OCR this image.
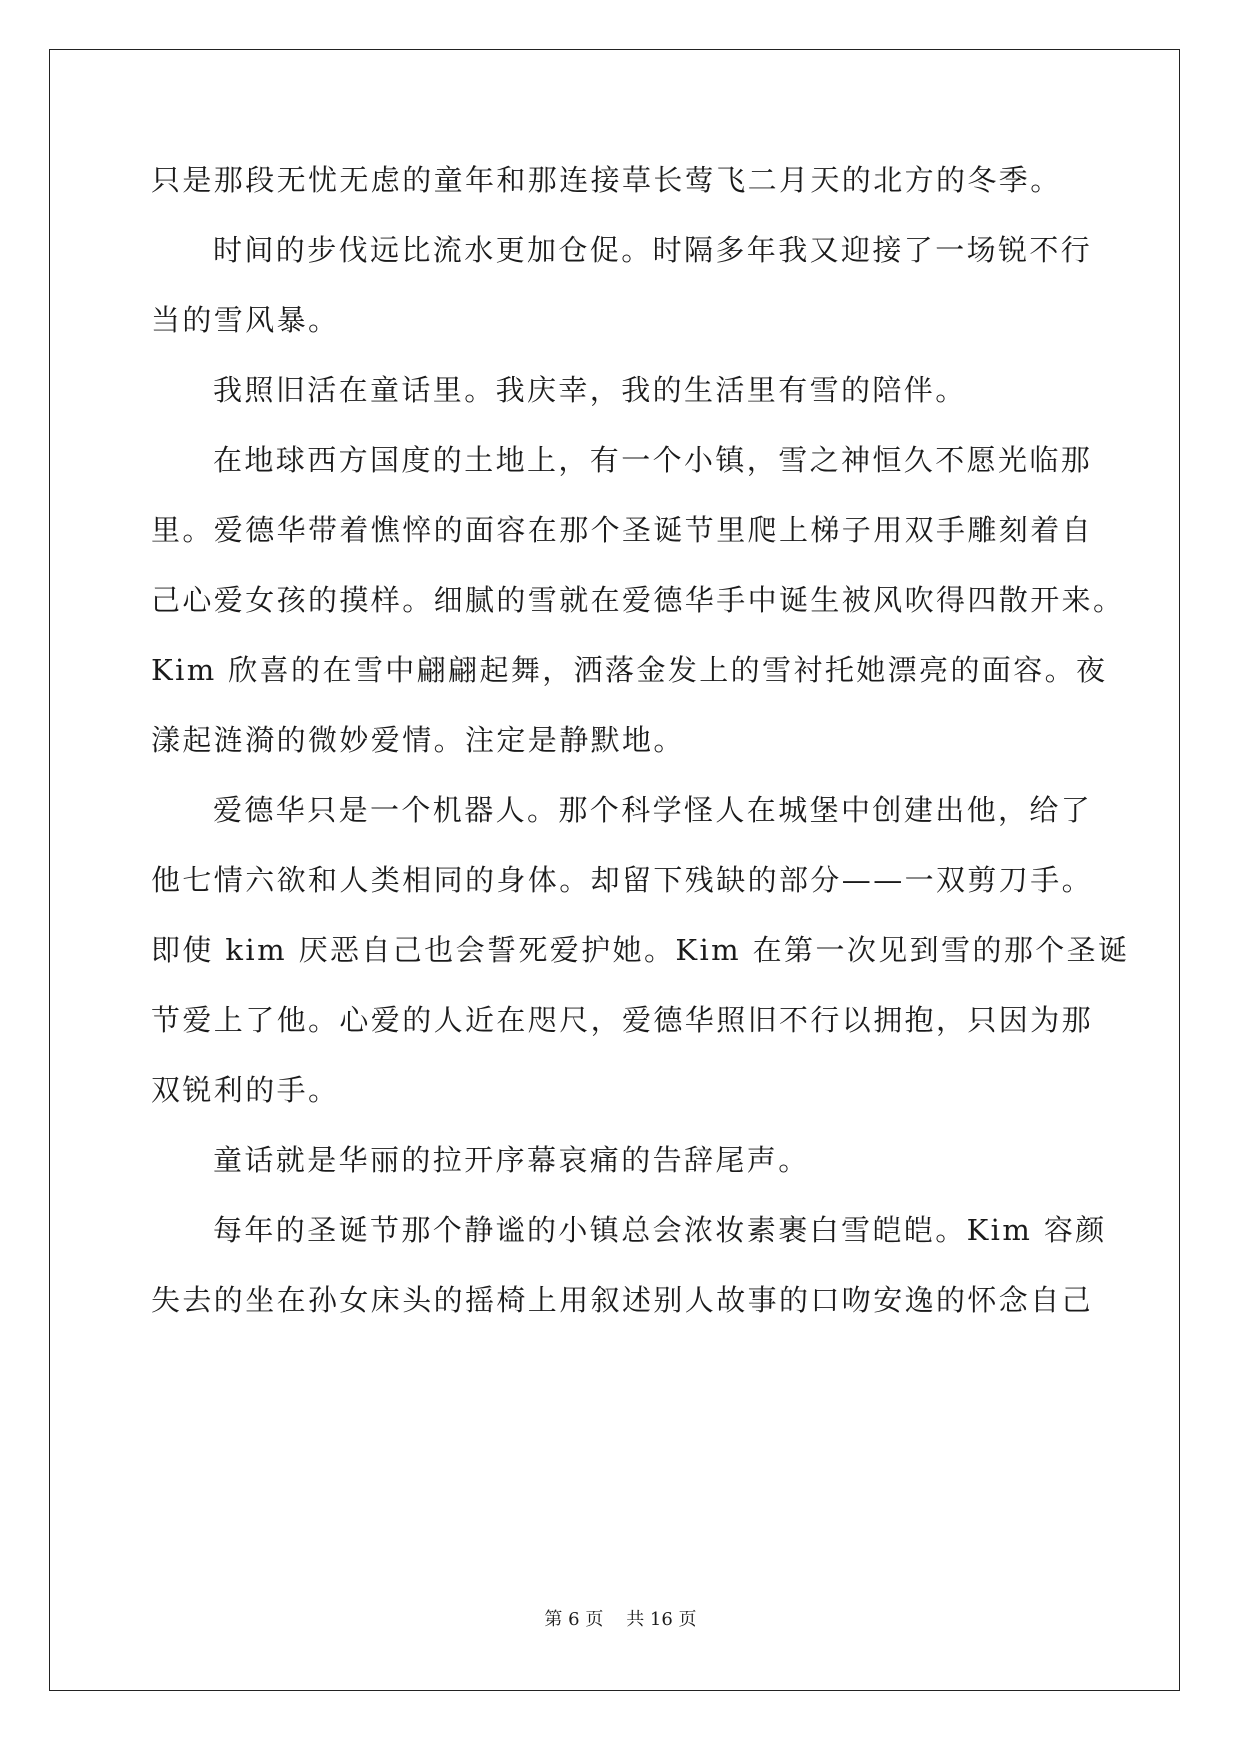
只是那段无忧无虑的童年和那连接草长莺飞二月天的北方的冬季。
时间的步伐远比流水更加仓促。时隔多年我又迎接了一场锐不行
当的雪风暴。
我照旧活在童话里。我庆幸，我的生活里有雪的陪伴。
在地球西方国度的土地上，有一个小镇，雪之神恒久不愿光临那
里。爱德华带着憔悴的面容在那个圣诞节里爬上梯子用双手雕刻着自
己心爱女孩的摸样。细腻的雪就在爱德华手中诞生被风吹得四散开来。
Kim 欣喜的在雪中翩翩起舞，洒落金发上的雪衬托她漂亮的面容。夜
漾起涟漪的微妙爱情。注定是静默地。
爱德华只是一个机器人。那个科学怪人在城堡中创建出他，给了
他七情六欲和人类相同的身体。却留下残缺的部分——一双剪刀手。
即使 kim 厌恶自己也会誓死爱护她。Kim 在第一次见到雪的那个圣诞
节爱上了他。心爱的人近在咫尺，爱德华照旧不行以拥抱，只因为那
双锐利的手。
童话就是华丽的拉开序幕哀痛的告辞尾声。
每年的圣诞节那个静谧的小镇总会浓妆素裹白雪皑皑。Kim 容颜
失去的坐在孙女床头的摇椅上用叙述别人故事的口吻安逸的怀念自己
第 6 页    共 16 页
